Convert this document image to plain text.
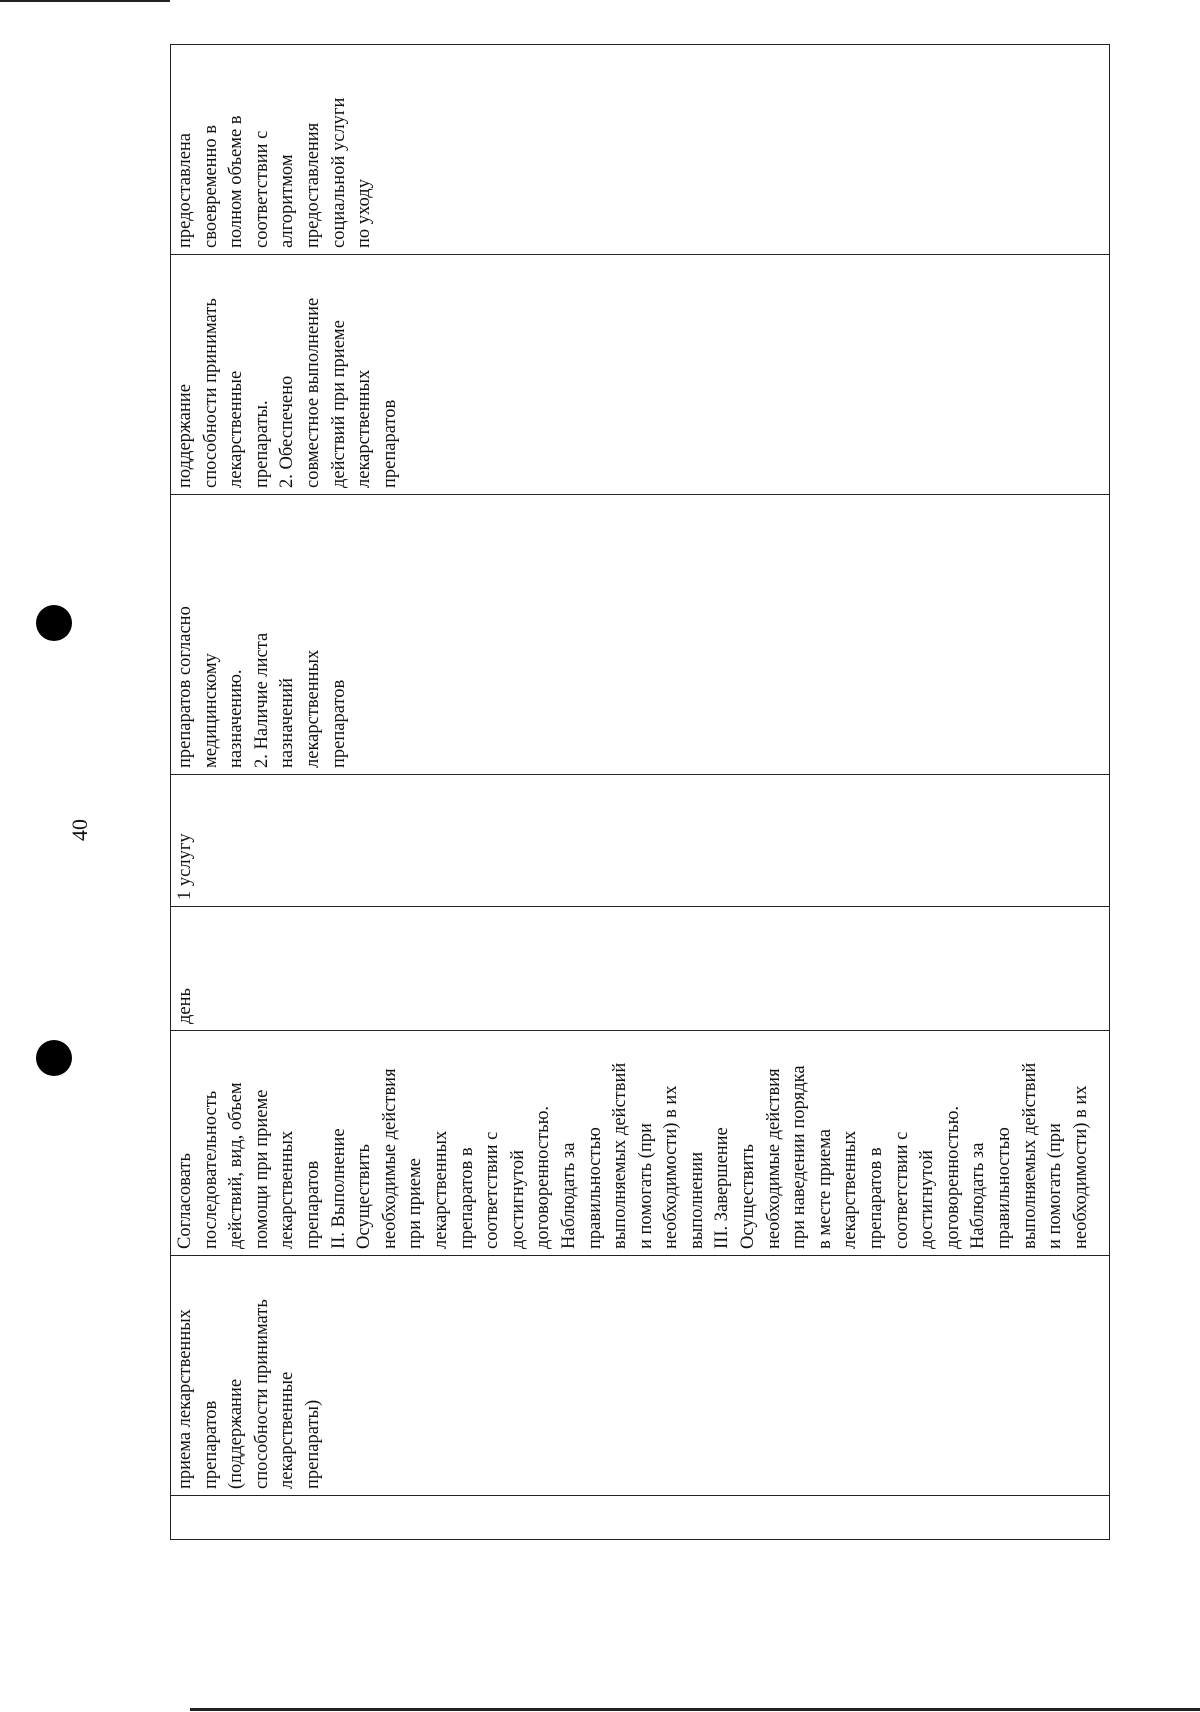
40
приема лекарственных
препаратов
(поддержание
способности принимать
лекарственные
препараты)
Согласовать
последовательность
действий, вид, объем
помощи при приеме
лекарственных
препаратов
II. Выполнение
Осуществить
необходимые действия
при приеме
лекарственных
препаратов в
соответствии с
достигнутой
договоренностью.
Наблюдать за
правильностью
выполняемых действий
и помогать (при
необходимости) в их
выполнении
III. Завершение
Осуществить
необходимые действия
при наведении порядка
в месте приема
лекарственных
препаратов в
соответствии с
достигнутой
договоренностью.
Наблюдать за
правильностью
выполняемых действий
и помогать (при
необходимости) в их
день
1 услугу
препаратов согласно
медицинскому
назначению.
2. Наличие листа
назначений
лекарственных
препаратов
поддержание
способности принимать
лекарственные
препараты.
2. Обеспечено
совместное выполнение
действий при приеме
лекарственных
препаратов
предоставлена
своевременно в
полном объеме в
соответствии с
алгоритмом
предоставления
социальной услуги
по уходу
